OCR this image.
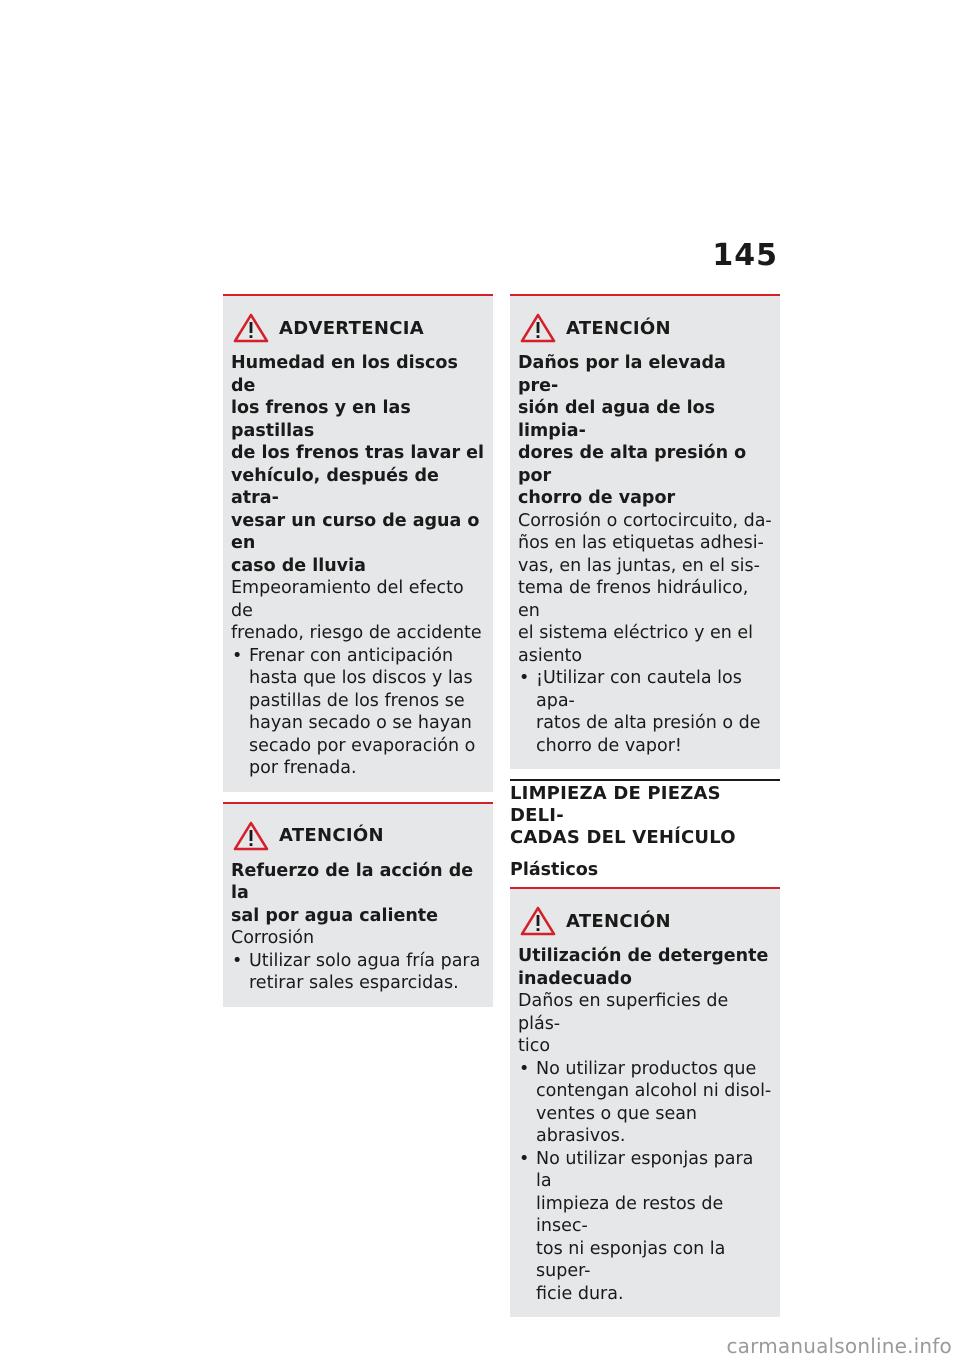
145
ADVERTENCIA
Humedad en los discos de
los frenos y en las pastillas
de los frenos tras lavar el
vehículo, después de atra-
vesar un curso de agua o en
caso de lluvia
Empeoramiento del efecto de
frenado, riesgo de accidente
• Frenar con anticipación
hasta que los discos y las
pastillas de los frenos se
hayan secado o se hayan
secado por evaporación o
por frenada.
ATENCIÓN
Refuerzo de la acción de la
sal por agua caliente
Corrosión
• Utilizar solo agua fría para
retirar sales esparcidas.
ATENCIÓN
Daños por la elevada pre-
sión del agua de los limpia-
dores de alta presión o por
chorro de vapor
Corrosión o cortocircuito, da-
ños en las etiquetas adhesi-
vas, en las juntas, en el sis-
tema de frenos hidráulico, en
el sistema eléctrico y en el
asiento
• ¡Utilizar con cautela los apa-
ratos de alta presión o de
chorro de vapor!
LIMPIEZA DE PIEZAS DELI-
CADAS DEL VEHÍCULO
Plásticos
ATENCIÓN
Utilización de detergente
inadecuado
Daños en superficies de plás-
tico
• No utilizar productos que
contengan alcohol ni disol-
ventes o que sean abrasivos.
• No utilizar esponjas para la
limpieza de restos de insec-
tos ni esponjas con la super-
ficie dura.
carmanualsonline.info
